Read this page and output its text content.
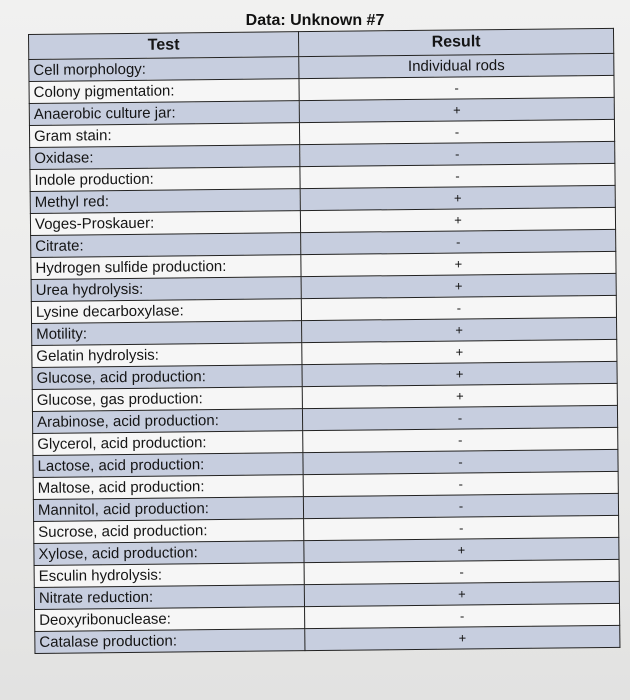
Data: Unknown #7
Test	Result
Cell morphology:	Individual rods
Colony pigmentation:	-
Anaerobic culture jar:	+
Gram stain:	-
Oxidase:	-
Indole production:	-
Methyl red:	+
Voges-Proskauer:	+
Citrate:	-
Hydrogen sulfide production:	+
Urea hydrolysis:	+
Lysine decarboxylase:	-
Motility:	+
Gelatin hydrolysis:	+
Glucose, acid production:	+
Glucose, gas production:	+
Arabinose, acid production:	-
Glycerol, acid production:	-
Lactose, acid production:	-
Maltose, acid production:	-
Mannitol, acid production:	-
Sucrose, acid production:	-
Xylose, acid production:	+
Esculin hydrolysis:	-
Nitrate reduction:	+
Deoxyribonuclease:	-
Catalase production:	+
